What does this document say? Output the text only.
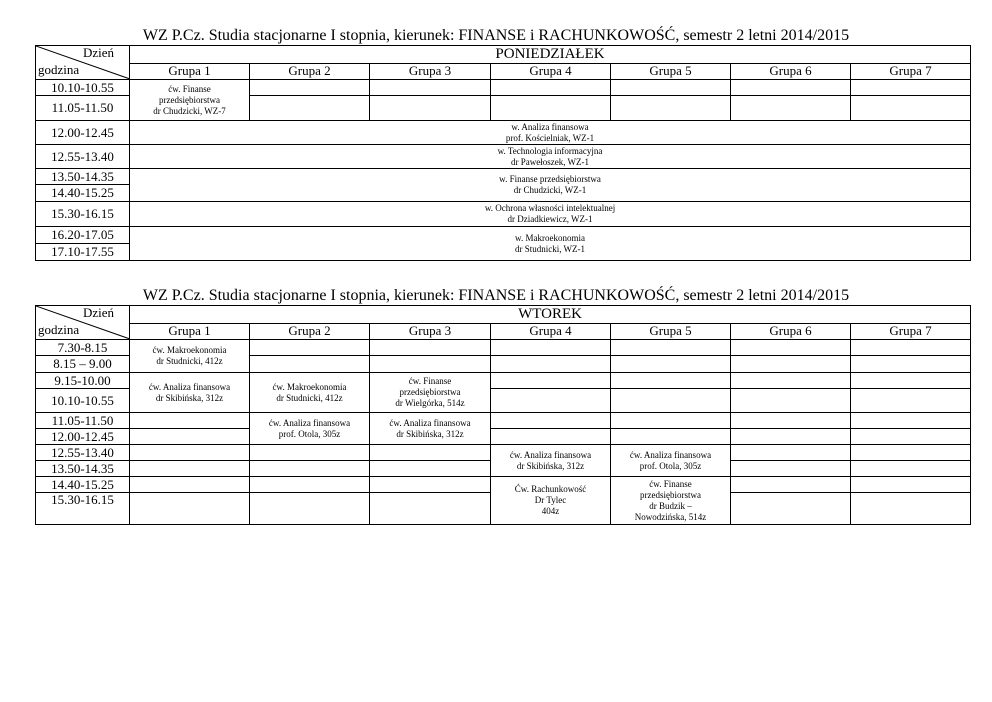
WZ P.Cz. Studia stacjonarne I stopnia, kierunek: FINANSE i RACHUNKOWOŚĆ, semestr 2 letni 2014/2015
Dzień
godzina	PONIEDZIAŁEK						
	Grupa 1	Grupa 2	Grupa 3	Grupa 4	Grupa 5	Grupa 6	Grupa 7
10.10-10.55	ćw. Finanse
przedsiębiorstwa
dr Chudzicki, WZ-7						

11.05-11.50							
12.00-12.45	w. Analiza finansowa
prof. Kościelniak, WZ-1						

12.55-13.40	w. Technologia informacyjna
dr Pawełoszek, WZ-1						

13.50-14.35	w. Finanse przedsiębiorstwa
dr Chudzicki, WZ-1						

14.40-15.25							
15.30-16.15	w. Ochrona własności intelektualnej
dr Dziadkiewicz, WZ-1						

16.20-17.05	w. Makroekonomia
dr Studnicki, WZ-1						

17.10-17.55							
WZ P.Cz. Studia stacjonarne I stopnia, kierunek: FINANSE i RACHUNKOWOŚĆ, semestr 2 letni 2014/2015
Dzień
godzina	WTOREK						
	Grupa 1	Grupa 2	Grupa 3	Grupa 4	Grupa 5	Grupa 6	Grupa 7
7.30-8.15	ćw. Makroekonomia
dr Studnicki, 412z						

8.15 – 9.00							
9.15-10.00	ćw. Analiza finansowa
dr Skibińska, 312z	ćw. Makroekonomia
dr Studnicki, 412z	ćw. Finanse
przedsiębiorstwa
dr Wielgórka, 514z				

10.10-10.55							
11.05-11.50		ćw. Analiza finansowa
prof. Otola, 305z	ćw. Analiza finansowa
dr Skibińska, 312z				

12.00-12.45							
12.55-13.40				ćw. Analiza finansowa
dr Skibińska, 312z	ćw. Analiza finansowa
prof. Otola, 305z		

13.50-14.35							
14.40-15.25				Ćw. Rachunkowość
Dr Tylec
404z	ćw. Finanse
przedsiębiorstwa
dr Budzik –
Nowodzińska, 514z		

15.30-16.15							
